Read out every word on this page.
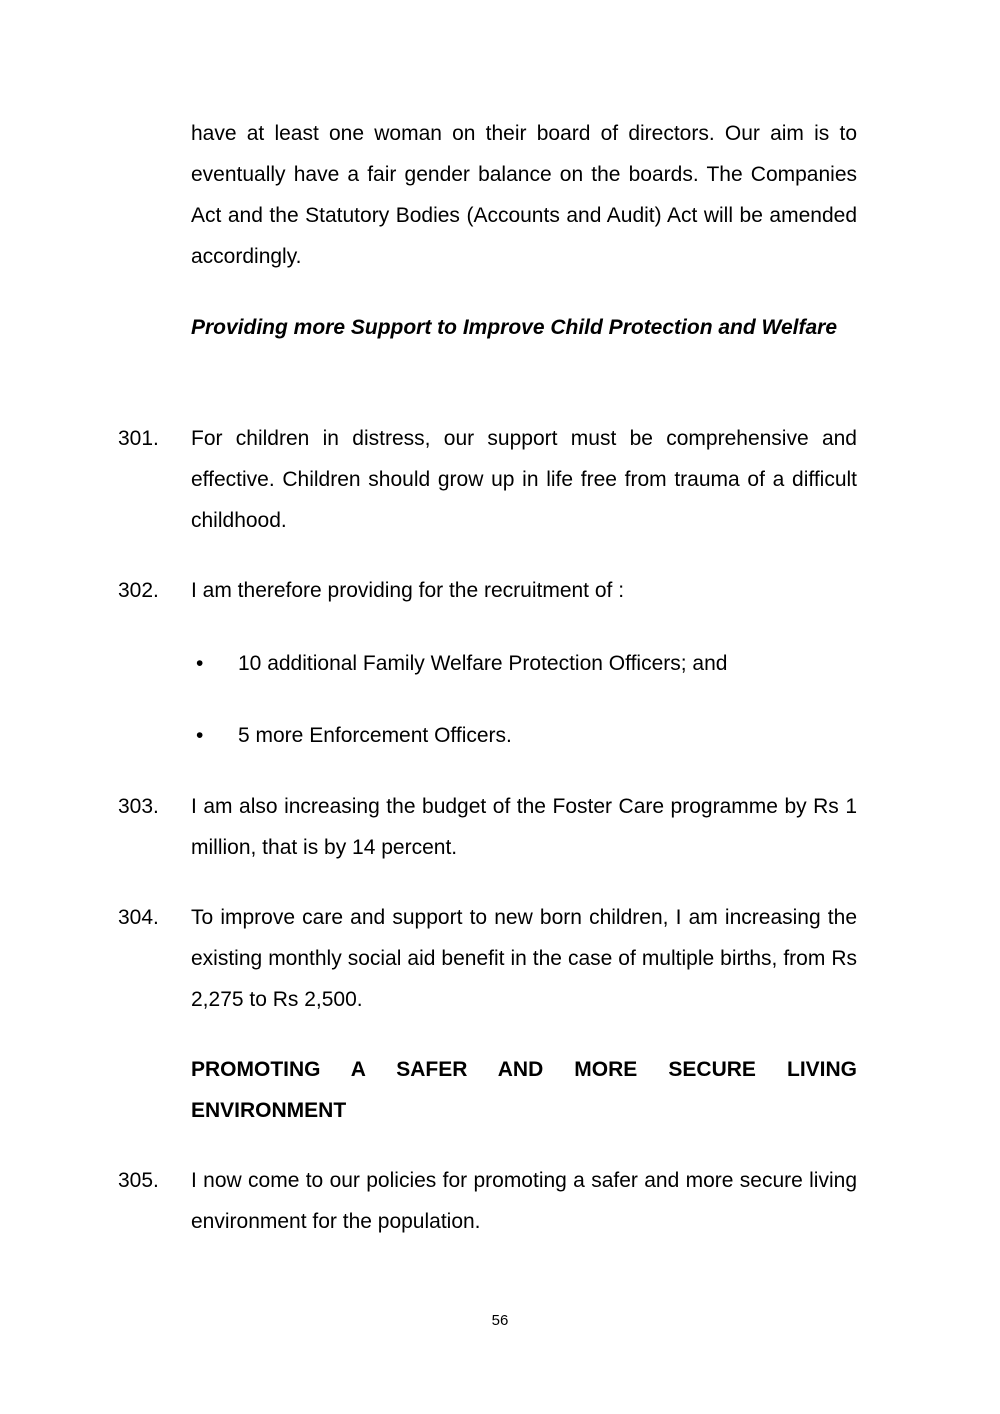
have at least one woman on their board of directors. Our aim is to eventually have a fair gender balance on the boards. The Companies Act and the Statutory Bodies (Accounts and Audit) Act will be amended accordingly.
Providing more Support to Improve Child Protection and Welfare
301. For children in distress, our support must be comprehensive and effective. Children should grow up in life free from trauma of a difficult childhood.
302. I am therefore providing for the recruitment of :
• 10 additional Family Welfare Protection Officers; and
• 5 more Enforcement Officers.
303. I am also increasing the budget of the Foster Care programme by Rs 1 million, that is by 14 percent.
304. To improve care and support to new born children, I am increasing the existing monthly social aid benefit in the case of multiple births, from Rs 2,275 to Rs 2,500.
PROMOTING A SAFER AND MORE SECURE LIVING ENVIRONMENT
305. I now come to our policies for promoting a safer and more secure living environment for the population.
56
